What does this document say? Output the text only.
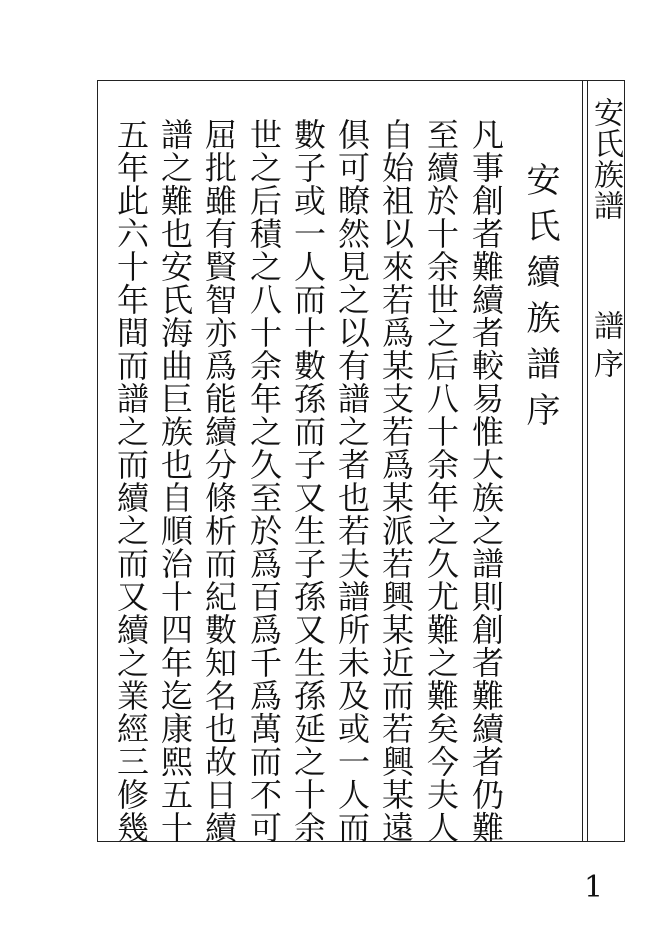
安氏族譜
譜序
安氏續族譜序
凡事創者難續者較易惟大族之譜則創者難續者仍難
至續於十余世之后八十余年之久尤難之難矣今夫人
自始祖以來若爲某支若爲某派若興某近而若興某遠
俱可瞭然見之以有譜之者也若夫譜所未及或一人而
數子或一人而十數孫而子又生子孫又生孫延之十余
世之后積之八十余年之久至於爲百爲千爲萬而不可
屈批雖有賢智亦爲能續分條析而紀數知名也故日續
譜之難也安氏海曲巨族也自順治十四年迄康熙五十
五年此六十年間而譜之而續之而又續之業經三修幾
1
